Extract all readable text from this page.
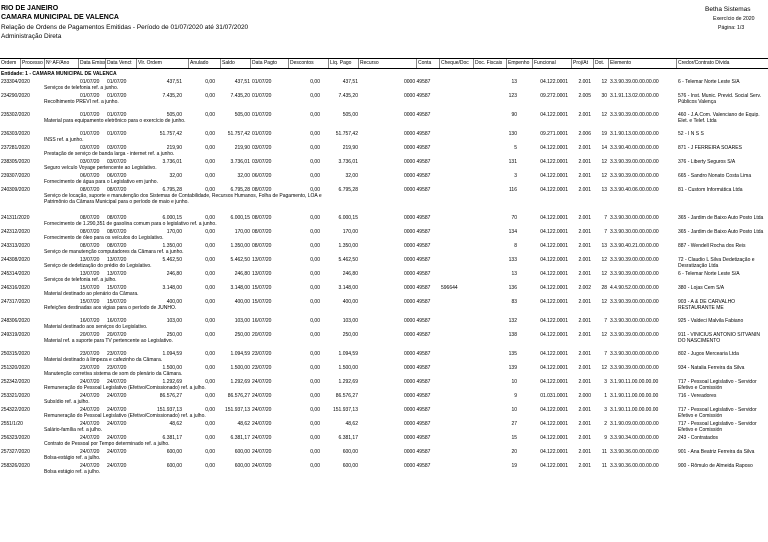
RIO DE JANEIRO
CAMARA MUNICIPAL DE VALENCA
Relação de Ordens de Pagamentos Emitidas - Período de 01/07/2020 até 31/07/2020
Administração Direta
Betha Sistemas
Exercício de 2020
Página: 1/3
Ordem Processo Nº AF/Ano Data Emiss Data Venct Vlr. Ordem	Anulado	Saldo	Data Pagto	Descontos	Líq. Pago Recurso	Conta Cheque/Doc Doc. Fiscais Empenho Funcional	Proj/At Dot. Elemento	Credor/Contrato Dívida
Entidade: 1 - CAMARA MUNICIPAL DE VALENCA
233 304/2020	01/07/20 01/07/20	437,51	0,00	437,51 01/07/20	0,00	437,51	0000 49587	13	04.122.0001	2.001	12 3.3.90.39.00.00.00.00	6 - Telemar Norte Leste S/A
Serviços de telefonia ref. a junho.
234 290/2020	01/07/20 01/07/20	7.435,20	0,00	7.435,20 01/07/20	0,00	7.435,20	0000 49587	123	09.272.0001	2.005	30 3.1.91.13.02.00.00.00	576 - Inst. Munic. Previd. Social Serv. Públicos Valença
Recolhimento PREVI ref. a junho.
235 302/2020	01/07/20 01/07/20	505,00	0,00	505,00 01/07/20	0,00	505,00	0000 49587	90	04.122.0001	2.001	12 3.3.90.39.00.00.00.00	460 - J.A.Com. Valenciano de Equip. Elet. e Telef. Ltda
Material para equipamento eletrônico para o exercício de junho.
236 303/2020	01/07/20 01/07/20	51.757,42	0,00	51.757,42 01/07/20	0,00	51.757,42	0000 49587	130	09.271.0001	2.006	19 3.1.90.13.00.00.00.00	52 - I N S S
INSS ref. a junho.
237 281/2020	03/07/20 03/07/20	219,90	0,00	219,90 03/07/20	0,00	219,90	0000 49587	5	04.122.0001	2.001	14 3.3.90.40.00.00.00.00	871 - J FERREIRA SOARES
Prestação de serviço de banda larga - internet ref. a junho.
238 305/2020	03/07/20 03/07/20	3.736,01	0,00	3.736,01 03/07/20	0,00	3.736,01	0000 49587	131	04.122.0001	2.001	12 3.3.90.39.00.00.00.00	376 - Liberty Seguros S/A
Seguro veículo Voyage pertencente ao Legislativo.
239 307/2020	06/07/20 06/07/20	32,00	0,00	32,00 06/07/20	0,00	32,00	0000 49587	3	04.122.0001	2.001	12 3.3.90.39.00.00.00.00	665 - Sandro Nonato Costa Lima
Fornecimento de água para o Legislativo em junho.
240 309/2020	08/07/20 08/07/20	6.795,28	0,00	6.795,28 08/07/20	0,00	6.795,28	0000 49587	116	04.122.0001	2.001	13 3.3.90.40.06.00.00.00	81 - Custom Informática Ltda
Serviço de locação, suporte e manutenção dos Sistemas de Contabilidade, Recursos Humanos, Folha de Pagamento, LOA e Patrimônio da Câmara Municipal para o período de maio e junho.
241 311/2020	08/07/20 08/07/20	6.000,15	0,00	6.000,15 08/07/20	0,00	6.000,15	0000 49587	70	04.122.0001	2.001	7 3.3.90.30.00.00.00.00	365 - Jardim de Baixo Auto Posto Ltda
Fornecimento de 1.290,351 de gasolina comum para o legislativo ref. a junho.
242 312/2020	08/07/20 08/07/20	170,00	0,00	170,00 08/07/20	0,00	170,00	0000 49587	134	04.122.0001	2.001	7 3.3.90.30.00.00.00.00	365 - Jardim de Baixo Auto Posto Ltda
Fornecimento de óleo para os veículos do Legislativo.
243 313/2020	08/07/20 08/07/20	1.350,00	0,00	1.350,00 08/07/20	0,00	1.350,00	0000 49587	8	04.122.0001	2.001	13 3.3.90.40.21.00.00.00	887 - Wendell Rocha dos Reis
Serviço de manutenção computadores da Câmara ref. a junho.
244 308/2020	13/07/20 13/07/20	5.462,50	0,00	5.462,50 13/07/20	0,00	5.462,50	0000 49587	133	04.122.0001	2.001	12 3.3.90.39.00.00.00.00	72 - Claudio L Silva Dedetização e Desratização Ltda
Serviço de dedetização do prédio do Legislativo.
245 314/2020	13/07/20 13/07/20	246,80	0,00	246,80 13/07/20	0,00	246,80	0000 49587	13	04.122.0001	2.001	12 3.3.90.39.00.00.00.00	6 - Telemar Norte Leste S/A
Serviços de telefonia ref. a julho.
246 316/2020	15/07/20 15/07/20	3.148,00	0,00	3.148,00 15/07/20	0,00	3.148,00	0000 49587 596644	136	04.122.0001	2.002	28 4.4.90.52.00.00.00.00	380 - Lojas Cem S/A
Material destinado ao plenário da Câmara.
247 317/2020	15/07/20 15/07/20	400,00	0,00	400,00 15/07/20	0,00	400,00	0000 49587	83	04.122.0001	2.001	12 3.3.90.39.00.00.00.00	903 - A & DE CARVALHO RESTAURANTE ME
Refeições destinadas aos vigias para o período de JUNHO.
248 306/2020	16/07/20 16/07/20	103,00	0,00	103,00 16/07/20	0,00	103,00	0000 49587	132	04.122.0001	2.001	7 3.3.90.30.00.00.00.00	925 - Valdeci Malvila Fabiano
Material destinado aos serviços do Legislativo.
249 319/2020	20/07/20 20/07/20	250,00	0,00	250,00 20/07/20	0,00	250,00	0000 49587	138	04.122.0001	2.001	12 3.3.90.39.00.00.00.00	911 - VINICIUS ANTONIO SITVANIN DO NASCIMENTO
Material ref. a suporte para TV pertencente ao Legislativo.
250 315/2020	23/07/20 23/07/20	1.094,59	0,00	1.094,59 23/07/20	0,00	1.094,59	0000 49587	135	04.122.0001	2.001	7 3.3.90.30.00.00.00.00	802 - Jugos Mercearia Ltda
Material destinado à limpeza e cafezinho da Câmara.
251 320/2020	23/07/20 23/07/20	1.500,00	0,00	1.500,00 23/07/20	0,00	1.500,00	0000 49587	139	04.122.0001	2.001	12 3.3.90.39.00.00.00.00	934 - Natalia Ferreira da Silva
Manutenção corretiva sistema de som do plenário da Câmara.
252 342/2020	24/07/20 24/07/20	1.292,69	0,00	1.292,69 24/07/20	0,00	1.292,69	0000 49587	10	04.122.0001	2.001	3 3.1.90.11.00.00.00.00	717 - Pessoal Legislativo - Servidor Efetivo e Comissión
Remuneração do Pessoal Legislativo (Efetivo/Comissionado) ref. a julho.
253 321/2020	24/07/20 24/07/20	86.576,27	0,00	86.576,27 24/07/20	0,00	86.576,27	0000 49587	9	01.031.0001	2.000	1 3.1.90.11.00.00.00.00	716 - Vereadores
Subsídio ref. a julho.
254 322/2020	24/07/20 24/07/20	151.937,13	0,00	151.937,13 24/07/20	0,00	151.937,13	0000 49587	10	04.122.0001	2.001	3 3.1.90.11.00.00.00.00	717 - Pessoal Legislativo - Servidor Efetivo e Comissión
Remuneração do Pessoal Legislativo (Efetivo/Comissionado) ref. a julho.
255 1/1/20	24/07/20 24/07/20	48,62	0,00	48,62 24/07/20	0,00	48,62	0000 49587	27	04.122.0001	2.001	2 3.1.90.09.00.00.00.00	717 - Pessoal Legislativo - Servidor Efetivo e Comissión
Salário-família ref. a julho.
256 323/2020	24/07/20 24/07/20	6.381,17	0,00	6.381,17 24/07/20	0,00	6.381,17	0000 49587	15	04.122.0001	2.001	9 3.3.90.34.00.00.00.00	243 - Contratados
Contrato de Pessoal por Tempo determinado ref. a julho.
257 327/2020	24/07/20 24/07/20	600,00	0,00	600,00 24/07/20	0,00	600,00	0000 49587	20	04.122.0001	2.001	11 3.3.90.36.00.00.00.00	901 - Ana Beatriz Ferreira da Silva
Bolsa-estágio ref. a julho.
258 326/2020	24/07/20 24/07/20	600,00	0,00	600,00 24/07/20	0,00	600,00	0000 49587	19	04.122.0001	2.001	11 3.3.90.36.00.00.00.00	900 - Rômulo de Almeida Raposo
Bolsa estágio ref. a julho.
